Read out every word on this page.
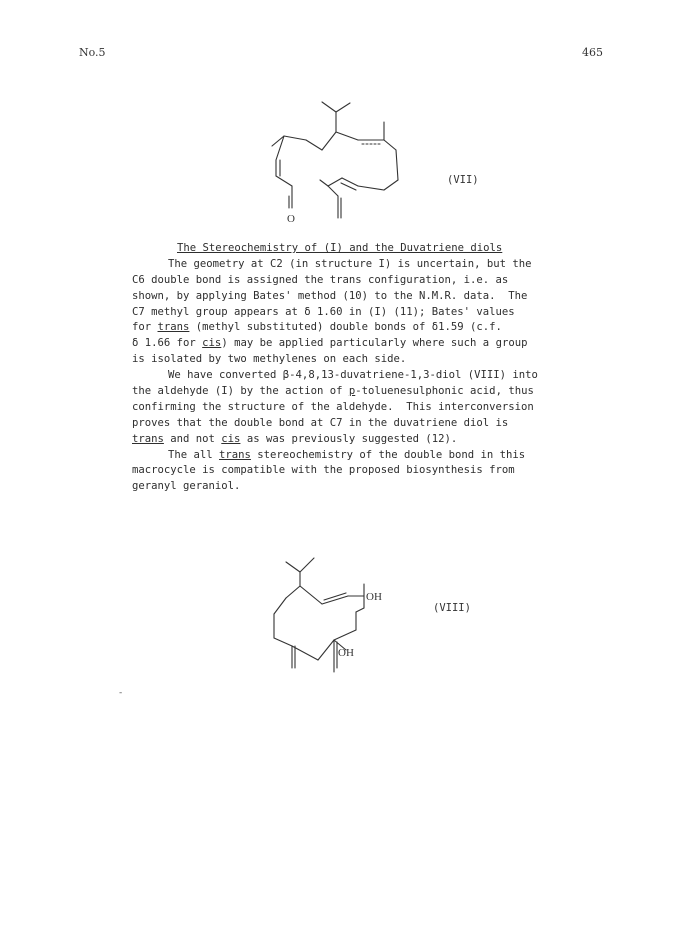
No.5	465
O
(VII)
The Stereochemistry of (I) and the Duvatriene diols
The geometry at C2 (in structure I) is uncertain, but the
C6 double bond is assigned the trans configuration, i.e. as
shown, by applying Bates' method (10) to the N.M.R. data.  The
C7 methyl group appears at δ 1.60 in (I) (11); Bates' values
for trans (methyl substituted) double bonds of δ1.59 (c.f.
δ 1.66 for cis) may be applied particularly where such a group
is isolated by two methylenes on each side.
We have converted β-4,8,13-duvatriene-1,3-diol (VIII) into
the aldehyde (I) by the action of p-toluenesulphonic acid, thus
confirming the structure of the aldehyde.  This interconversion
proves that the double bond at C7 in the duvatriene diol is
trans and not cis as was previously suggested (12).
The all trans stereochemistry of the double bond in this
macrocycle is compatible with the proposed biosynthesis from
geranyl geraniol.
OH
OH
(VIII)
-
